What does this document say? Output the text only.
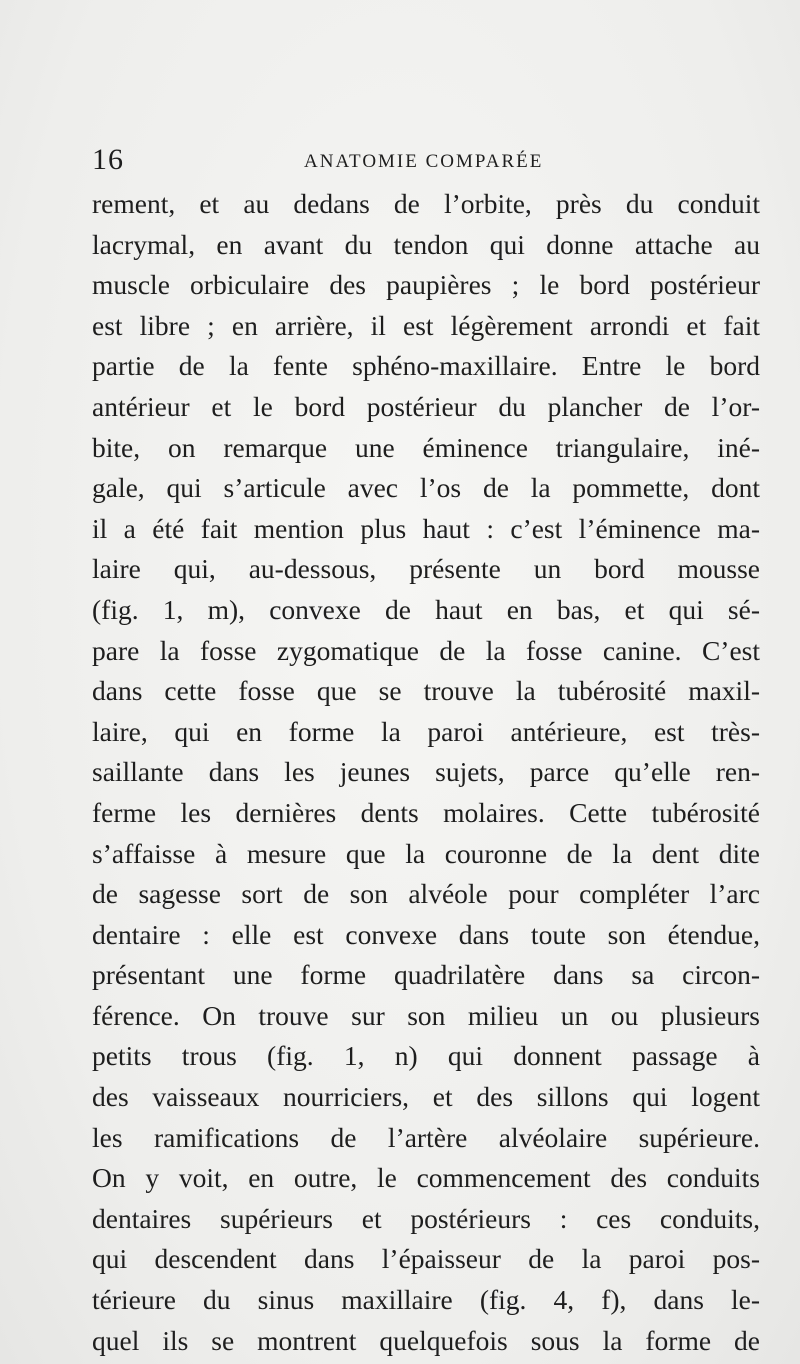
16	ANATOMIE COMPARÉE
rement, et au dedans de l’orbite, près du conduit
lacrymal, en avant du tendon qui donne attache au
muscle orbiculaire des paupières ; le bord postérieur
est libre ; en arrière, il est légèrement arrondi et fait
partie de la fente sphéno-maxillaire. Entre le bord
antérieur et le bord postérieur du plancher de l’or-
bite, on remarque une éminence triangulaire, iné-
gale, qui s’articule avec l’os de la pommette, dont
il a été fait mention plus haut : c’est l’éminence ma-
laire qui, au-dessous, présente un bord mousse
(fig. 1, m), convexe de haut en bas, et qui sé-
pare la fosse zygomatique de la fosse canine. C’est
dans cette fosse que se trouve la tubérosité maxil-
laire, qui en forme la paroi antérieure, est très-
saillante dans les jeunes sujets, parce qu’elle ren-
ferme les dernières dents molaires. Cette tubérosité
s’affaisse à mesure que la couronne de la dent dite
de sagesse sort de son alvéole pour compléter l’arc
dentaire : elle est convexe dans toute son étendue,
présentant une forme quadrilatère dans sa circon-
férence. On trouve sur son milieu un ou plusieurs
petits trous (fig. 1, n) qui donnent passage à
des vaisseaux nourriciers, et des sillons qui logent
les ramifications de l’artère alvéolaire supérieure.
On y voit, en outre, le commencement des conduits
dentaires supérieurs et postérieurs : ces conduits,
qui descendent dans l’épaisseur de la paroi pos-
térieure du sinus maxillaire (fig. 4, f), dans le-
quel ils se montrent quelquefois sous la forme de
